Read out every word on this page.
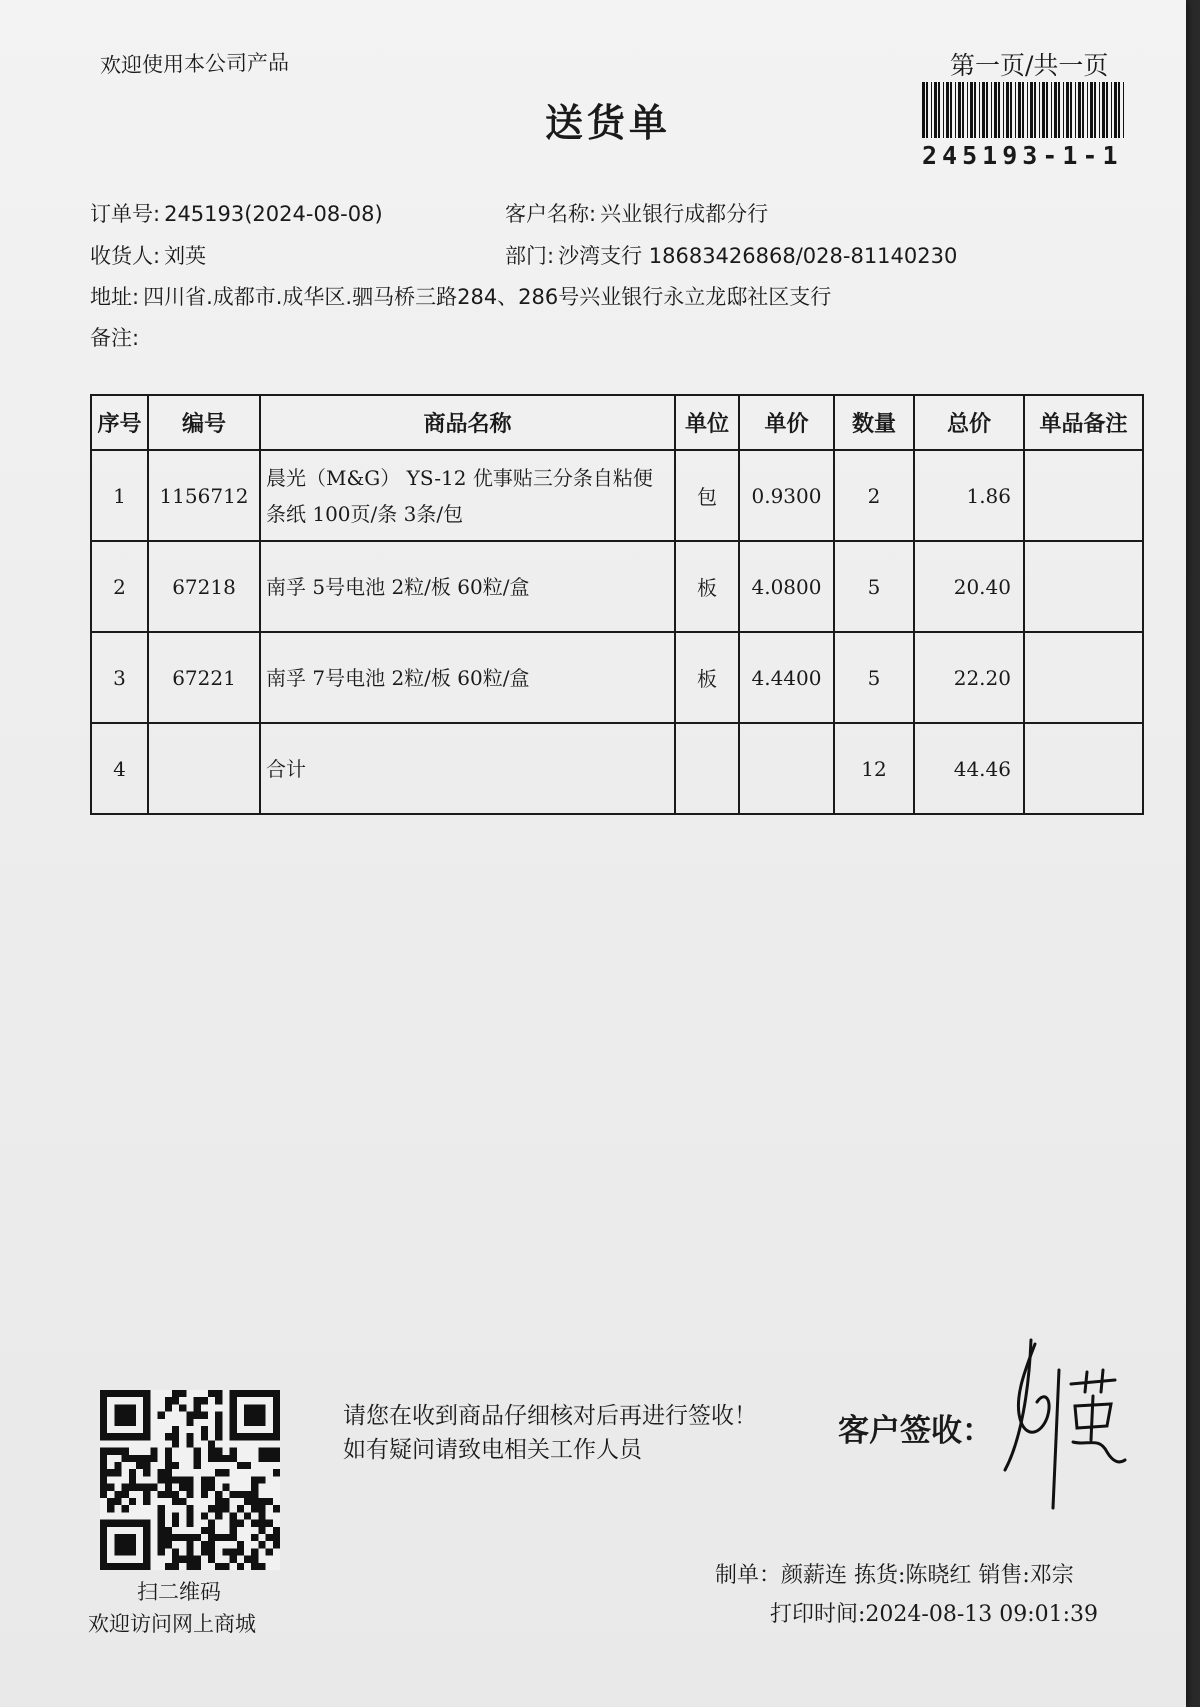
欢迎使用本公司产品
送货单
第一页/共一页
245193-1-1
订单号: 245193(2024-08-08)	客户名称: 兴业银行成都分行
收货人: 刘英	部门: 沙湾支行 18683426868/028-81140230
地址: 四川省.成都市.成华区.驷马桥三路284、286号兴业银行永立龙邸社区支行
备注:
序号	编号	商品名称	单位	单价	数量	总价	单品备注
1	1156712	晨光（M&G） YS-12 优事贴三分条自粘便条纸 100页/条 3条/包	包	0.9300	2	1.86	
2	67218	南孚 5号电池 2粒/板 60粒/盒	板	4.0800	5	20.40	
3	67221	南孚 7号电池 2粒/板 60粒/盒	板	4.4400	5	22.20	
4		合计			12	44.46	
扫二维码
欢迎访问网上商城
请您在收到商品仔细核对后再进行签收！如有疑问请致电相关工作人员
客户签收：
制单：颜薪连 拣货:陈晓红 销售:邓宗
打印时间:2024-08-13 09:01:39
